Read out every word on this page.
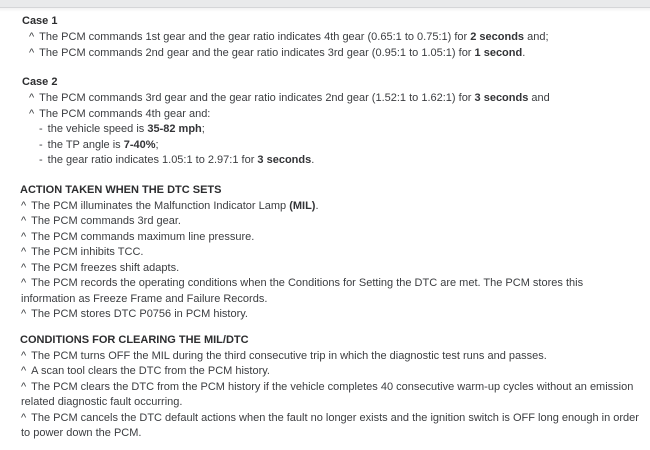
Case 1

^ The PCM commands 1st gear and the gear ratio indicates 4th gear (0.65:1 to 0.75:1) for 2 seconds and;

^ The PCM commands 2nd gear and the gear ratio indicates 3rd gear (0.95:1 to 1.05:1) for 1 second.

Case 2

^ The PCM commands 3rd gear and the gear ratio indicates 2nd gear (1.52:1 to 1.62:1) for 3 seconds and

^ The PCM commands 4th gear and:

- the vehicle speed is 35-82 mph;

- the TP angle is 7-40%;

- the gear ratio indicates 1.05:1 to 2.97:1 for 3 seconds.

ACTION TAKEN WHEN THE DTC SETS

^ The PCM illuminates the Malfunction Indicator Lamp (MIL).

^ The PCM commands 3rd gear.

^ The PCM commands maximum line pressure.

^ The PCM inhibits TCC.

^ The PCM freezes shift adapts.

^ The PCM records the operating conditions when the Conditions for Setting the DTC are met. The PCM stores this information as Freeze Frame and Failure Records.

^ The PCM stores DTC P0756 in PCM history.

CONDITIONS FOR CLEARING THE MIL/DTC

^ The PCM turns OFF the MIL during the third consecutive trip in which the diagnostic test runs and passes.

^ A scan tool clears the DTC from the PCM history.

^ The PCM clears the DTC from the PCM history if the vehicle completes 40 consecutive warm-up cycles without an emission related diagnostic fault occurring.

^ The PCM cancels the DTC default actions when the fault no longer exists and the ignition switch is OFF long enough in order to power down the PCM.
